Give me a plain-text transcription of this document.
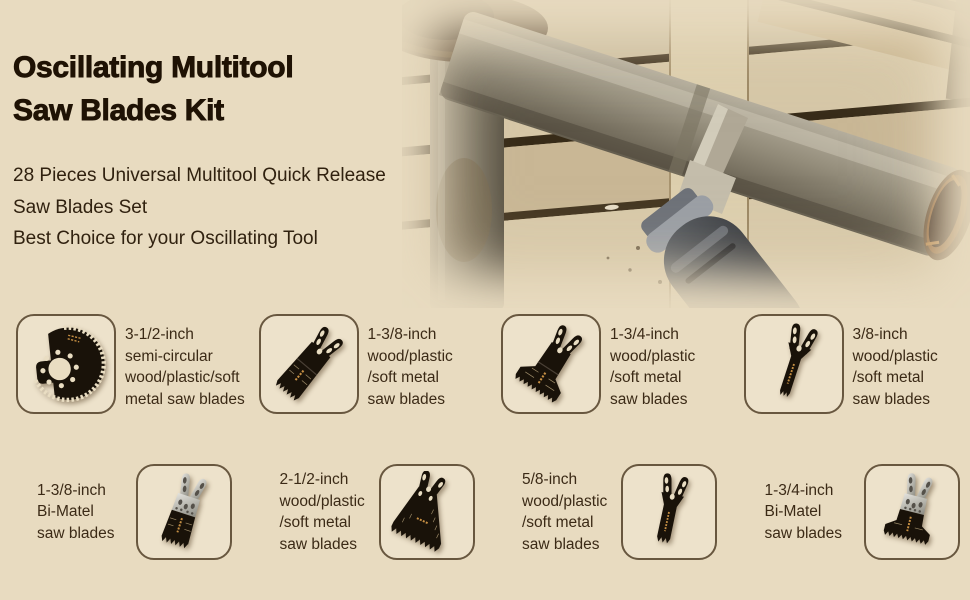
Oscillating Multitool
Saw Blades Kit
28 Pieces Universal Multitool Quick Release
Saw Blades Set
Best Choice for your Oscillating Tool
3-1/2-inch
semi-circular
wood/plastic/soft
metal saw blades
1-3/8-inch
wood/plastic
/soft metal
saw blades
1-3/4-inch
wood/plastic
/soft metal
saw blades
3/8-inch
wood/plastic
/soft metal
saw blades
1-3/8-inch
Bi-Matel
saw blades
2-1/2-inch
wood/plastic
/soft metal
saw blades
5/8-inch
wood/plastic
/soft metal
saw blades
1-3/4-inch
Bi-Matel
saw blades
